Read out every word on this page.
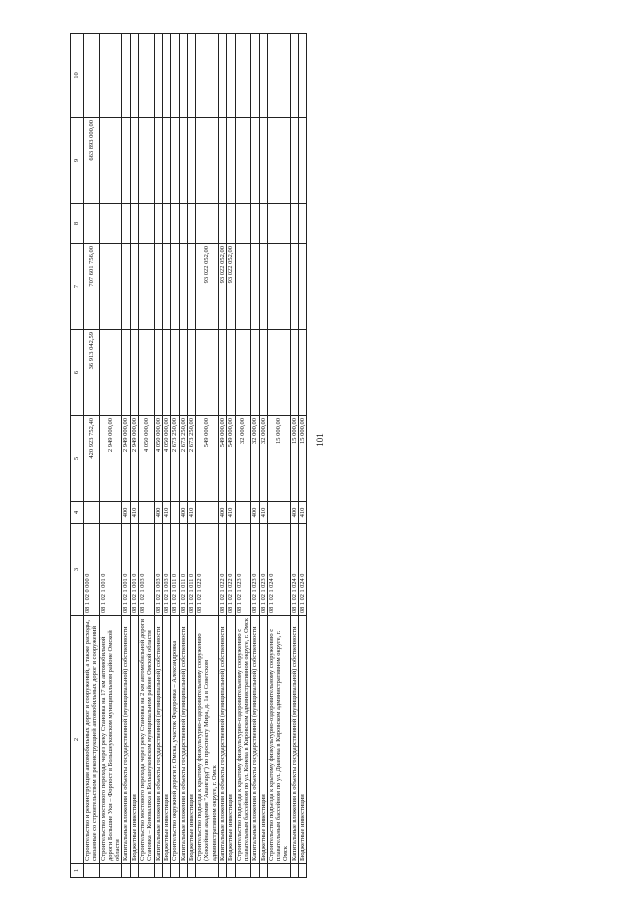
101
1	2	3	4	5	6	7	8	9	10
	Строительство и реконструкция автомобильных дорог и сооружений, а также расходы, связанные со строительством и реконструкцией автомобильных дорог и сооружений	08 1 02 0 000 0		420 923 752,40	36 913 042,59	707 601 756,00		663 893 000,00	
	Строительство мостового перехода через реку Становка на 17 км автомобильной дороги Большие Уки – Форпост в Большеуковском муниципальном районе Омской области	08 1 02 1 001 0		2 949 000,00					
	Капитальные вложения в объекты государственной (муниципальной) собственности	08 1 02 1 001 0	400	2 949 000,00					
	Бюджетные инвестиции	08 1 02 1 001 0	410	2 949 000,00					
	Строительство мостового перехода через реку Становка на 2 км автомобильной дороги Становка – Коновалиха в Большеуковском муниципальном районе Омской области	08 1 02 1 003 0		4 050 000,00					
	Капитальные вложения в объекты государственной (муниципальной) собственности	08 1 02 1 003 0	400	4 050 000,00					
	Бюджетные инвестиции	08 1 02 1 003 0	410	4 050 000,00					
	Строительство окружной дороги г. Омска, участок Федоровка – Александровка	08 1 02 1 011 0		2 673 250,00					
	Капитальные вложения в объекты государственной (муниципальной) собственности	08 1 02 1 011 0	400	2 673 250,00					
	Бюджетные инвестиции	08 1 02 1 011 0	410	2 673 250,00					
	Строительство подъезда к крытому физкультурно-оздоровительному сооружению (Хоккейная академия "Авангард") по проспекту Мира, д. 1а в Советском административном округе, г. Омск	08 1 02 1 022 0		549 000,00		93 022 052,00			
	Капитальные вложения в объекты государственной (муниципальной) собственности	08 1 02 1 022 0	400	549 000,00		93 022 052,00			
	Бюджетные инвестиции	08 1 02 1 022 0	410	549 000,00		93 022 052,00			
	Строительство подъезда к крытому физкультурно-оздоровительному сооружению с плавательным бассейном по ул. Конева в Кировском административном округе, г. Омск	08 1 02 1 023 0		32 000,00					
	Капитальные вложения в объекты государственной (муниципальной) собственности	08 1 02 1 023 0	400	32 000,00					
	Бюджетные инвестиции	08 1 02 1 023 0	410	32 000,00					
	Строительство подъезда к крытому физкультурно-оздоровительному сооружению с плавательным бассейном по ул. Дианова в Кировском административном округе, г. Омск	08 1 02 1 024 0		15 000,00					
	Капитальные вложения в объекты государственной (муниципальной) собственности	08 1 02 1 024 0	400	15 000,00					
	Бюджетные инвестиции	08 1 02 1 024 0	410	15 000,00					
